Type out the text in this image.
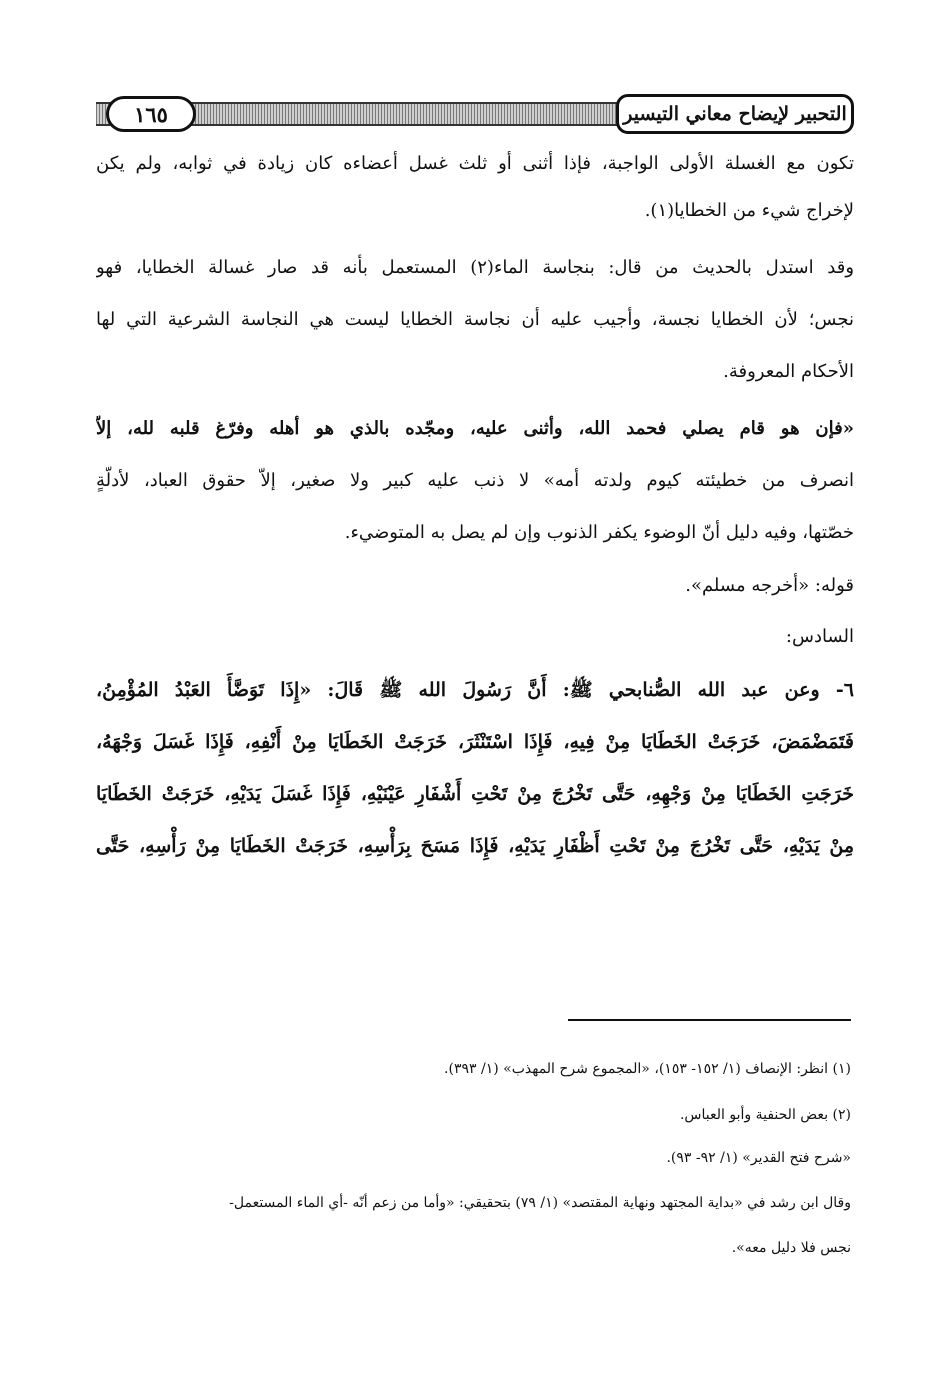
١٦٥	التحبير لإيضاح معاني التيسير
تكون مع الغسلة الأولى الواجبة، فإذا أثنى أو ثلث غسل أعضاءه كان زيادة في ثوابه، ولم يكن
لإخراج شيء من الخطايا(١).
وقد استدل بالحديث من قال: بنجاسة الماء(٢) المستعمل بأنه قد صار غسالة الخطايا، فهو
نجس؛ لأن الخطايا نجسة، وأجيب عليه أن نجاسة الخطايا ليست هي النجاسة الشرعية التي لها
الأحكام المعروفة.
«فإن هو قام يصلي فحمد الله، وأثنى عليه، ومجّده بالذي هو أهله وفرّغ قلبه لله، إلاّ
انصرف من خطيئته كيوم ولدته أمه» لا ذنب عليه كبير ولا صغير، إلاّ حقوق العباد، لأدلّةٍ
خصّتها، وفيه دليل أنّ الوضوء يكفر الذنوب وإن لم يصل به المتوضيء.
قوله: «أخرجه مسلم».
السادس:
٦- وعن عبد الله الصُّنابحي ﷺ: أَنَّ رَسُولَ الله ﷺ قَالَ: «إِذَا تَوَضَّأَ العَبْدُ المُؤْمِنُ،
فَتَمَضْمَضَ، خَرَجَتْ الخَطَايَا مِنْ فِيهِ، فَإِذَا اسْتَنْثَرَ، خَرَجَتْ الخَطَايَا مِنْ أَنْفِهِ، فَإِذَا غَسَلَ وَجْهَهُ،
خَرَجَتِ الخَطَايَا مِنْ وَجْهِهِ، حَتَّى تَخْرُجَ مِنْ تَحْتِ أَشْفَارِ عَيْنَيْهِ، فَإِذَا غَسَلَ يَدَيْهِ، خَرَجَتْ الخَطَايَا
مِنْ يَدَيْهِ، حَتَّى تَخْرُجَ مِنْ تَحْتِ أَظْفَارِ يَدَيْهِ، فَإِذَا مَسَحَ بِرَأْسِهِ، خَرَجَتْ الخَطَايَا مِنْ رَأْسِهِ، حَتَّى
(١) انظر: الإنصاف (١/ ١٥٢- ١٥٣)، «المجموع شرح المهذب» (١/ ٣٩٣).
(٢) بعض الحنفية وأبو العباس.
«شرح فتح القدير» (١/ ٩٢- ٩٣).
وقال ابن رشد في «بداية المجتهد ونهاية المقتصد» (١/ ٧٩) بتحقيقي: «وأما من زعم أنّه -أي الماء المستعمل-
نجس فلا دليل معه».
